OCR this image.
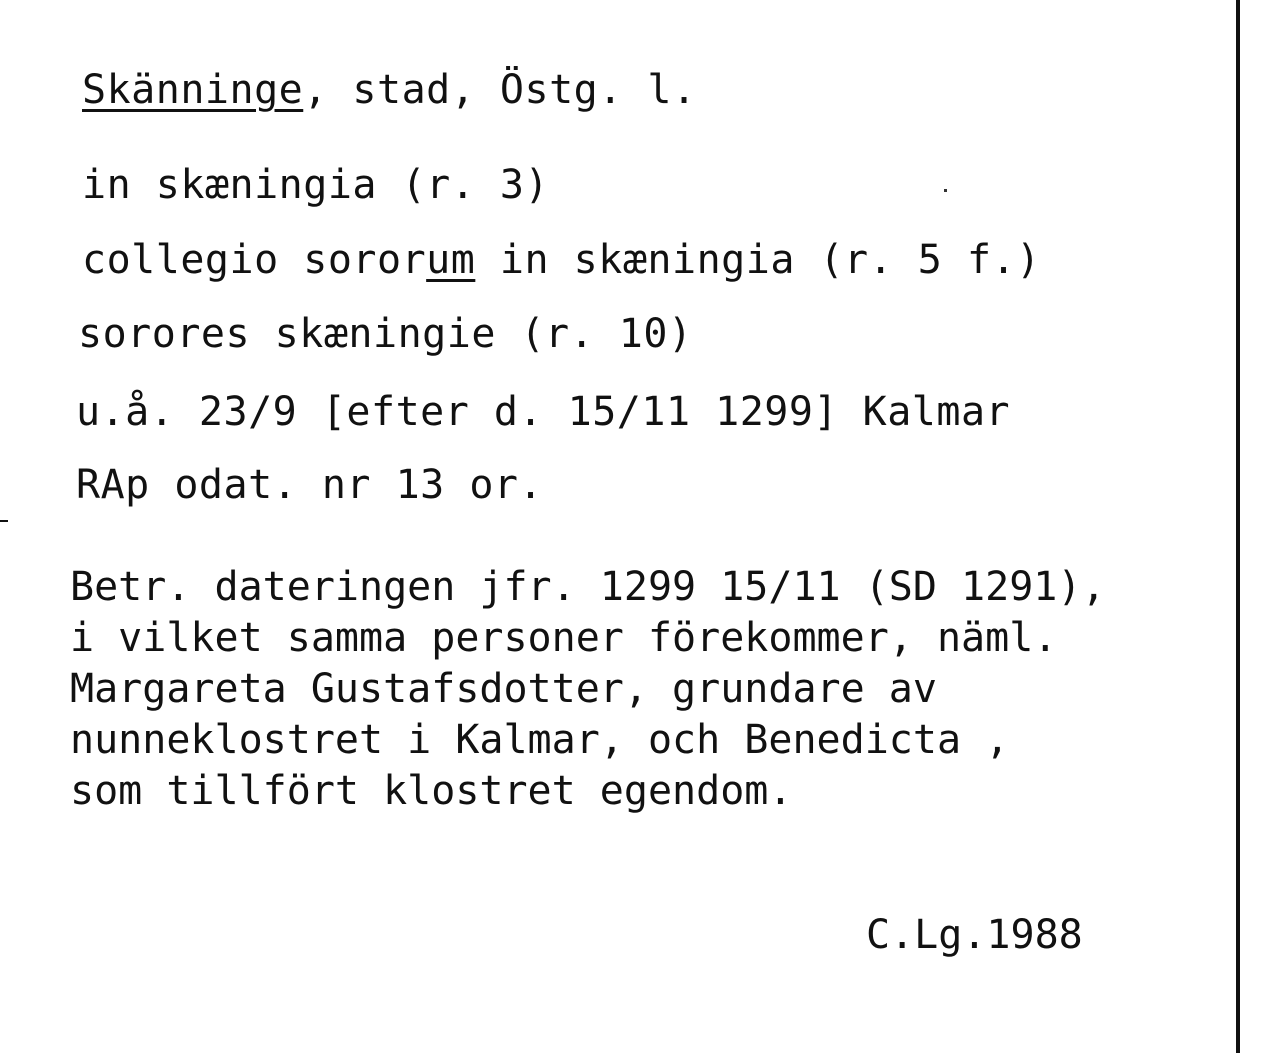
Skänninge, stad, Östg. l.
in skæningia (r. 3)
collegio sororum in skæningia (r. 5 f.)
sorores skæningie (r. 10)
u.å. 23/9 [efter d. 15/11 1299] Kalmar
RAp odat. nr 13 or.
Betr. dateringen jfr. 1299 15/11 (SD 1291),
i vilket samma personer förekommer, näml.
Margareta Gustafsdotter, grundare av
nunneklostret i Kalmar, och Benedicta ,
som tillfört klostret egendom.
C.Lg.1988
